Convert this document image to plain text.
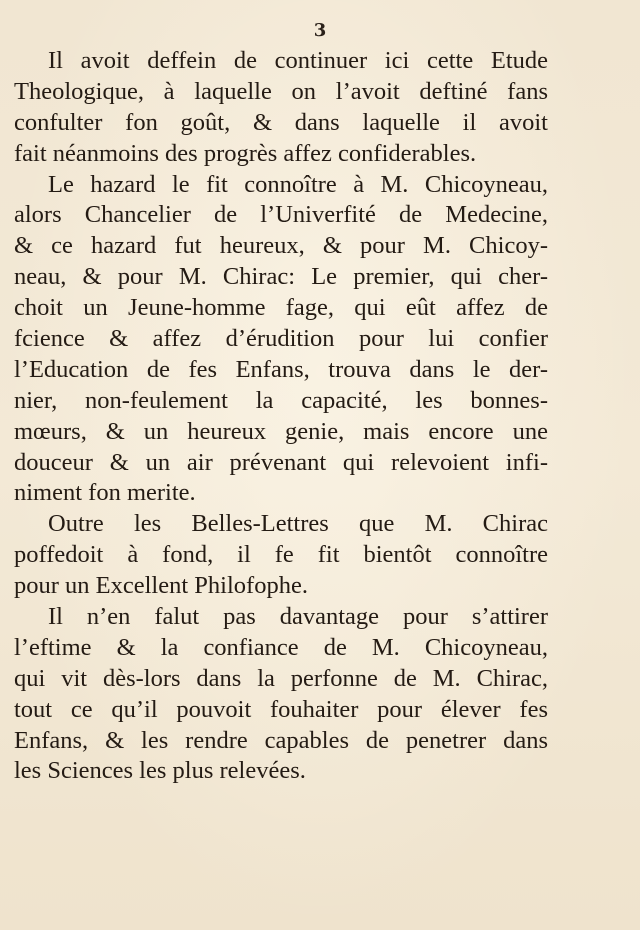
3
Il avoit deffein de continuer ici cette Etude
Theologique, à laquelle on l’avoit deftiné fans
confulter fon goût, & dans laquelle il avoit
fait néanmoins des progrès affez confiderables.
Le hazard le fit connoître à M. Chicoyneau,
alors Chancelier de l’Univerfité de Medecine,
& ce hazard fut heureux, & pour M. Chicoy-
neau, & pour M. Chirac: Le premier, qui cher-
choit un Jeune-homme fage, qui eût affez de
fcience & affez d’érudition pour lui confier
l’Education de fes Enfans, trouva dans le der-
nier, non-feulement la capacité, les bonnes-
mœurs, & un heureux genie, mais encore une
douceur & un air prévenant qui relevoient infi-
niment fon merite.
Outre les Belles-Lettres que M. Chirac
poffedoit à fond, il fe fit bientôt connoître
pour un Excellent Philofophe.
Il n’en falut pas davantage pour s’attirer
l’eftime & la confiance de M. Chicoyneau,
qui vit dès-lors dans la perfonne de M. Chirac,
tout ce qu’il pouvoit fouhaiter pour élever fes
Enfans, & les rendre capables de penetrer dans
les Sciences les plus relevées.
